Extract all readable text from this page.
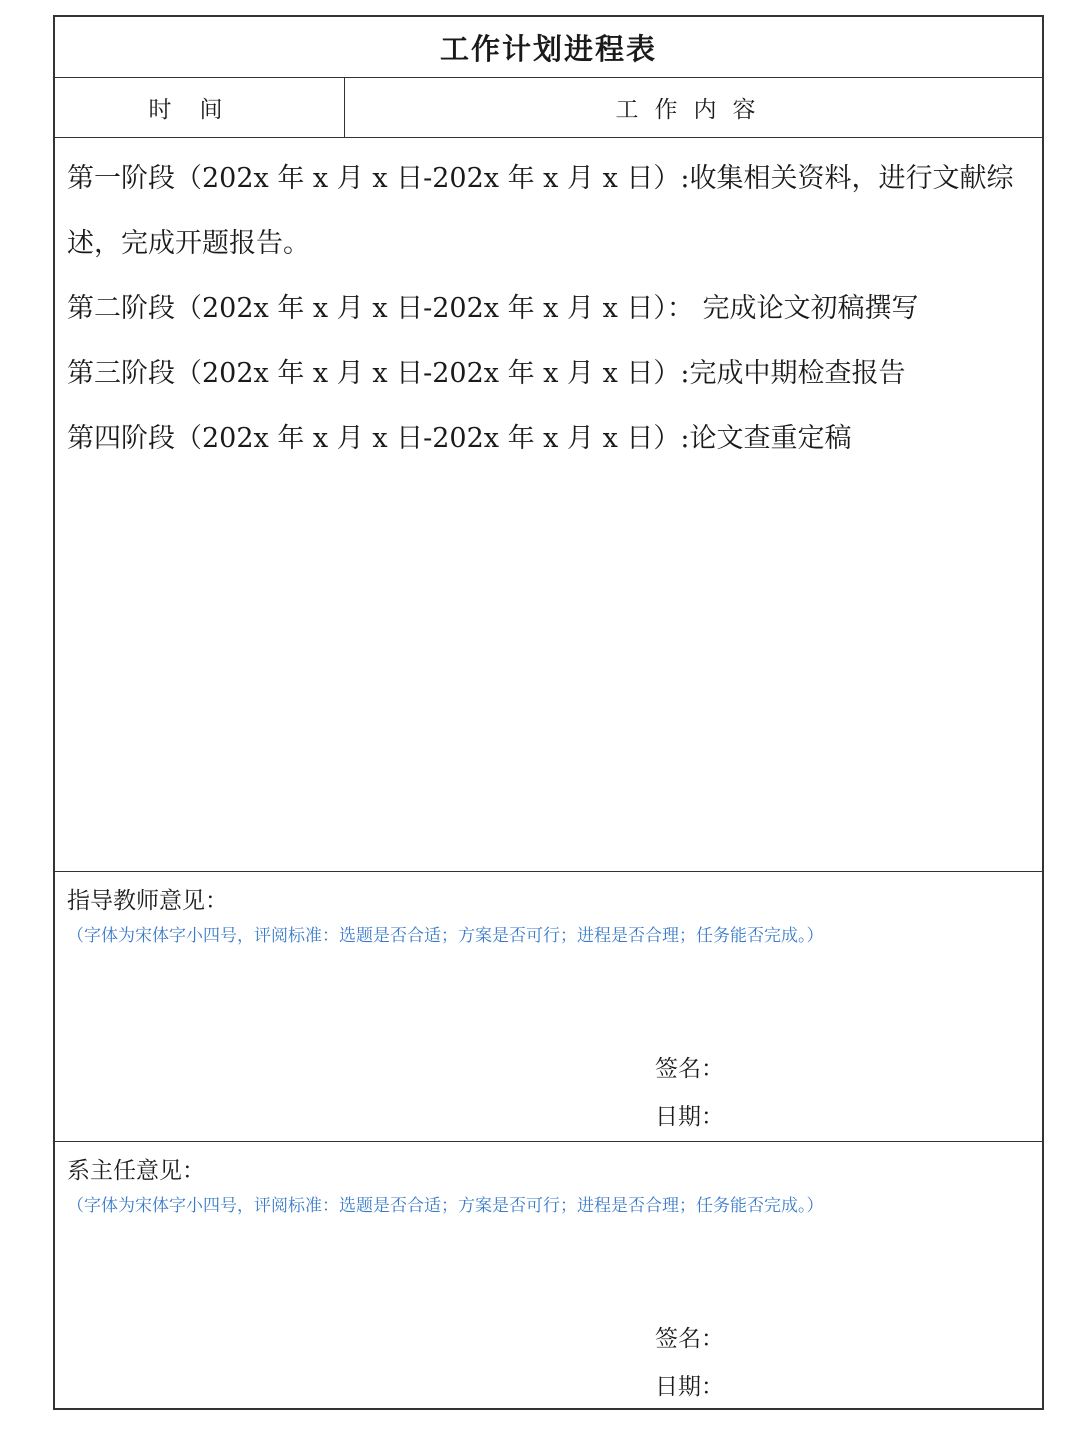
工作计划进程表
时间	工作内容

第一阶段（202x 年 x 月 x 日-202x 年 x 月 x 日）:收集相关资料，进行文献综述，完成开题报告。

第二阶段（202x 年 x 月 x 日-202x 年 x 月 x 日）： 完成论文初稿撰写

第三阶段（202x 年 x 月 x 日-202x 年 x 月 x 日）:完成中期检查报告

第四阶段（202x 年 x 月 x 日-202x 年 x 月 x 日）:论文查重定稿

指导教师意见：
（字体为宋体字小四号，评阅标准：选题是否合适；方案是否可行；进程是否合理；任务能否完成。）
签名：
日期：
系主任意见：
（字体为宋体字小四号，评阅标准：选题是否合适；方案是否可行；进程是否合理；任务能否完成。）
签名：
日期：
